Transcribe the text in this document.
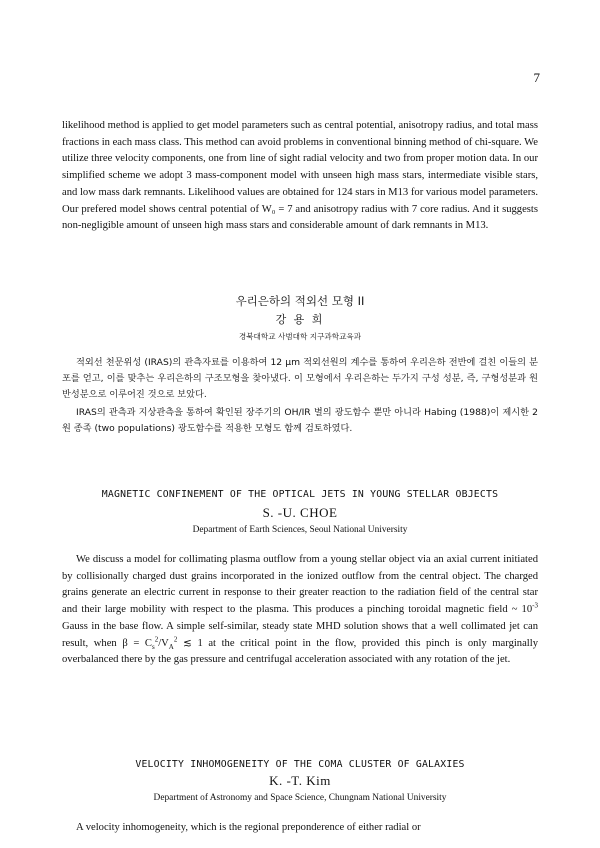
7
likelihood method is applied to get model parameters such as central potential, anisotropy radius, and total mass fractions in each mass class. This method can avoid problems in conventional binning method of chi-square. We utilize three velocity components, one from line of sight radial velocity and two from proper motion data. In our simplified scheme we adopt 3 mass-component model with unseen high mass stars, intermediate visible stars, and low mass dark remnants. Likelihood values are obtained for 124 stars in M13 for various model parameters. Our prefered model shows central potential of W₀ = 7 and anisotropy radius with 7 core radius. And it suggests non-negligible amount of unseen high mass stars and considerable amount of dark remnants in M13.
우리은하의 적외선 모형 II
강 용 희
경북대학교 사범대학 지구과학교육과
적외선 천문위성 (IRAS)의 관측자료를 이용하여 12 μm 적외선원의 계수를 통하여 우리은하 전반에 걸친 이들의 분포를 얻고, 이를 맞추는 우리은하의 구조모형을 찾아냈다. 이 모형에서 우리은하는 두가지 구성 성분, 즉, 구형성분과 원반성분으로 이루어진 것으로 보았다.
IRAS의 관측과 지상관측을 통하여 확인된 장주기의 OH/IR 별의 광도함수 뿐만 아니라 Habing (1988)이 제시한 2원 종족 (two populations) 광도함수를 적용한 모형도 함께 검토하였다.
MAGNETIC CONFINEMENT OF THE OPTICAL JETS IN YOUNG STELLAR OBJECTS
S. -U. CHOE
Department of Earth Sciences, Seoul National University
We discuss a model for collimating plasma outflow from a young stellar object via an axial current initiated by collisionally charged dust grains incorporated in the ionized outflow from the central object. The charged grains generate an electric current in response to their greater reaction to the radiation field of the central star and their large mobility with respect to the plasma. This produces a pinching toroidal magnetic field ~ $10^{-3}$ Gauss in the base flow. A simple self-similar, steady state MHD solution shows that a well collimated jet can result, when $\beta = C_s^2/V_A^2$ ≲ 1 at the critical point in the flow, provided this pinch is only marginally overbalanced there by the gas pressure and centrifugal acceleration associated with any rotation of the jet.
VELOCITY INHOMOGENEITY OF THE COMA CLUSTER OF GALAXIES
K. -T. Kim
Department of Astronomy and Space Science, Chungnam National University
A velocity inhomogeneity, which is the regional preponderence of either radial or
